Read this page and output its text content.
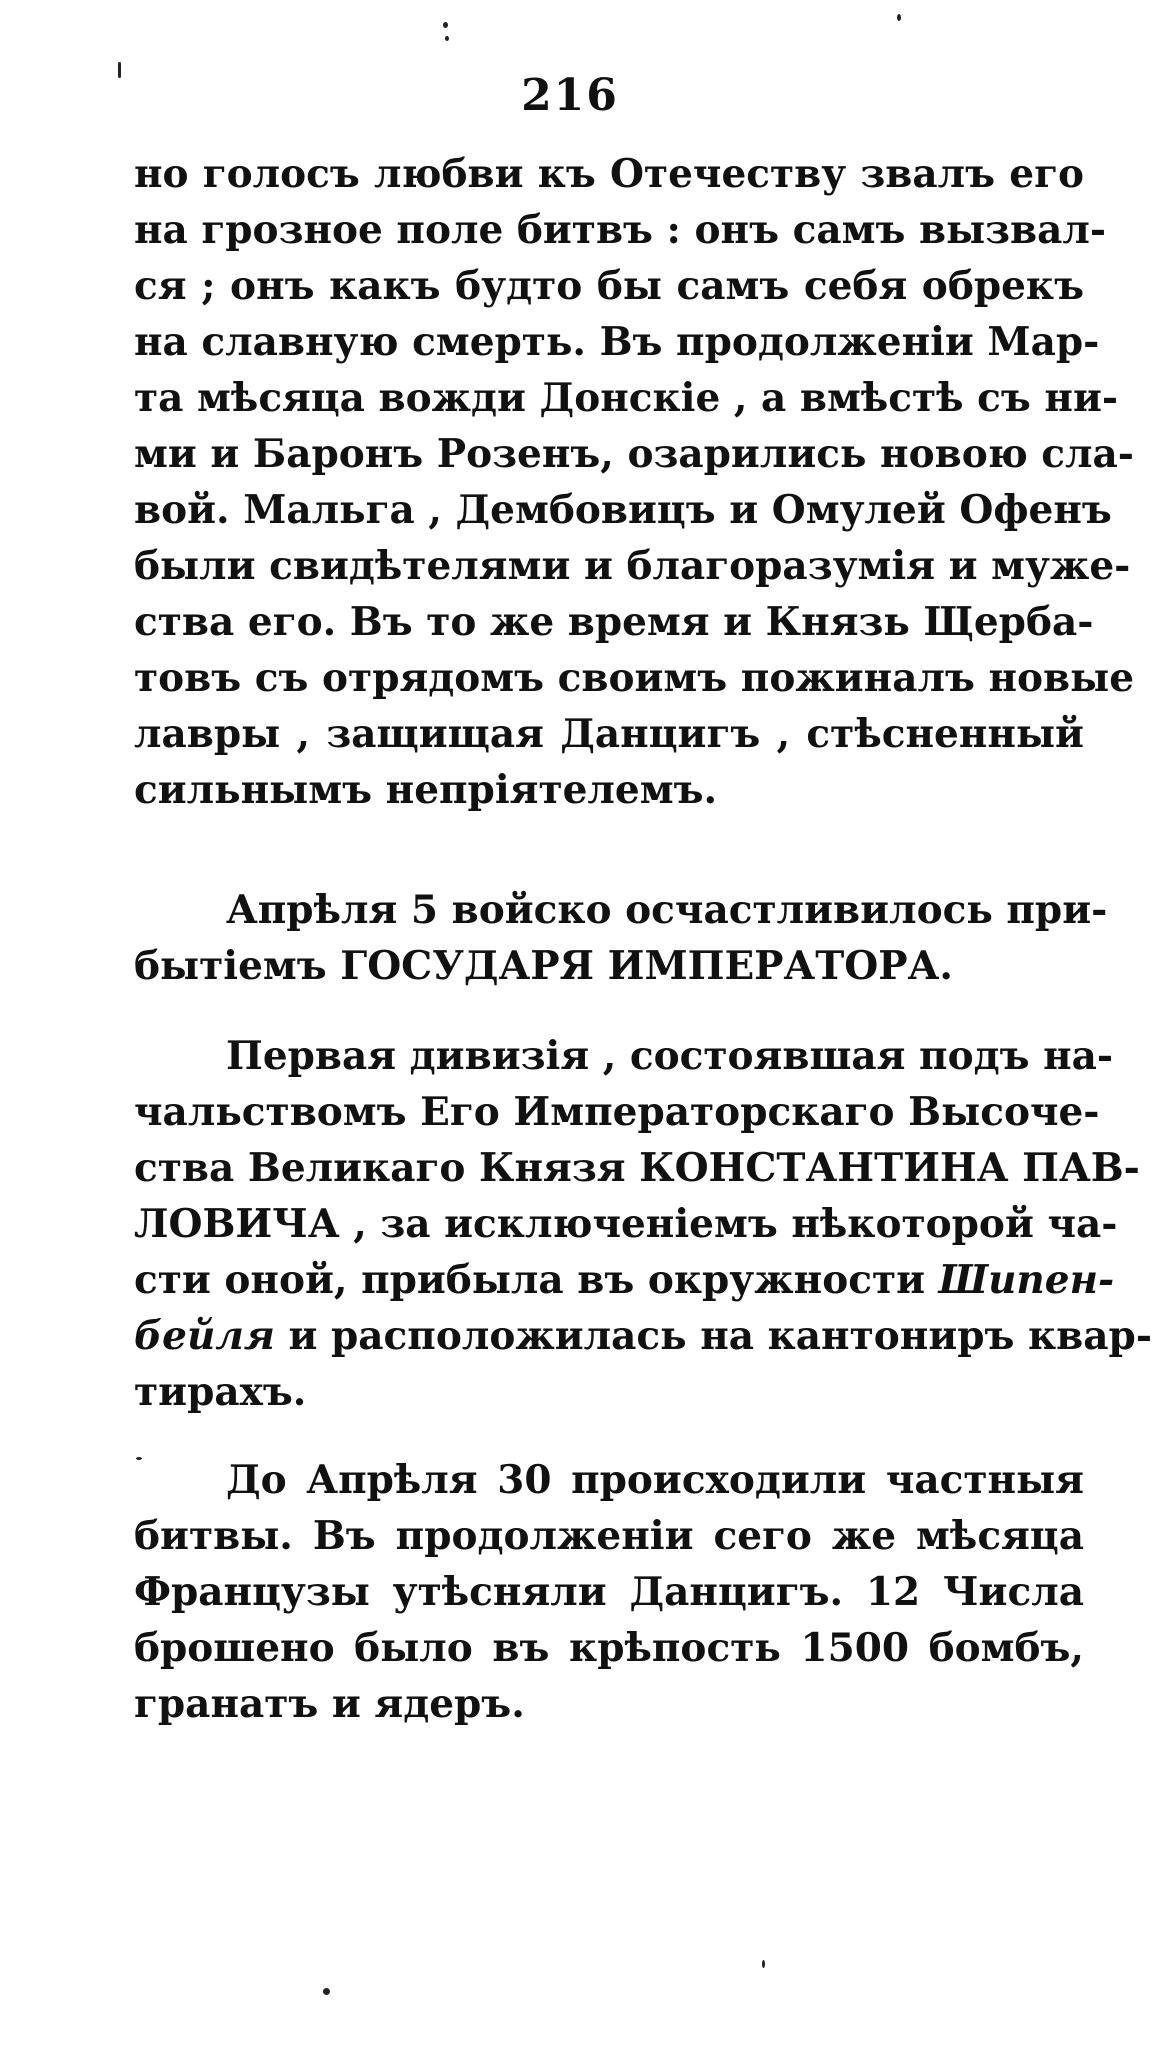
216
но голосъ любви къ Отечеству звалъ его
на грозное поле битвъ : онъ самъ вызвал-
ся ; онъ какъ будто бы самъ себя обрекъ
на славную смерть. Въ продолженіи Мар-
та мѣсяца вожди Донскіе , а вмѣстѣ съ ни-
ми и Баронъ Розенъ, озарились новою сла-
вой. Мальга , Дембовицъ и Омулей Офенъ
были свидѣтелями и благоразумія и муже-
ства его. Въ то же время и Князь Щерба-
товъ съ отрядомъ своимъ пожиналъ новые
лавры , защищая Данцигъ , стѣсненный
сильнымъ непріятелемъ.
Апрѣля 5 войско осчастливилось при-
бытіемъ ГОСУДАРЯ ИМПЕРАТОРА.
Первая дивизія , состоявшая подъ на-
чальствомъ Его Императорскаго Высоче-
ства Великаго Князя КОНСТАНТИНА ПАВ-
ЛОВИЧА , за исключеніемъ нѣкоторой ча-
сти оной, прибыла въ окружности Шипен-
бейля и расположилась на кантониръ квар-
тирахъ.
До Апрѣля 30 происходили частныя
битвы. Въ продолженіи сего же мѣсяца
Французы утѣсняли Данцигъ. 12 Числа
брошено было въ крѣпость 1500 бомбъ,
гранатъ и ядеръ.
